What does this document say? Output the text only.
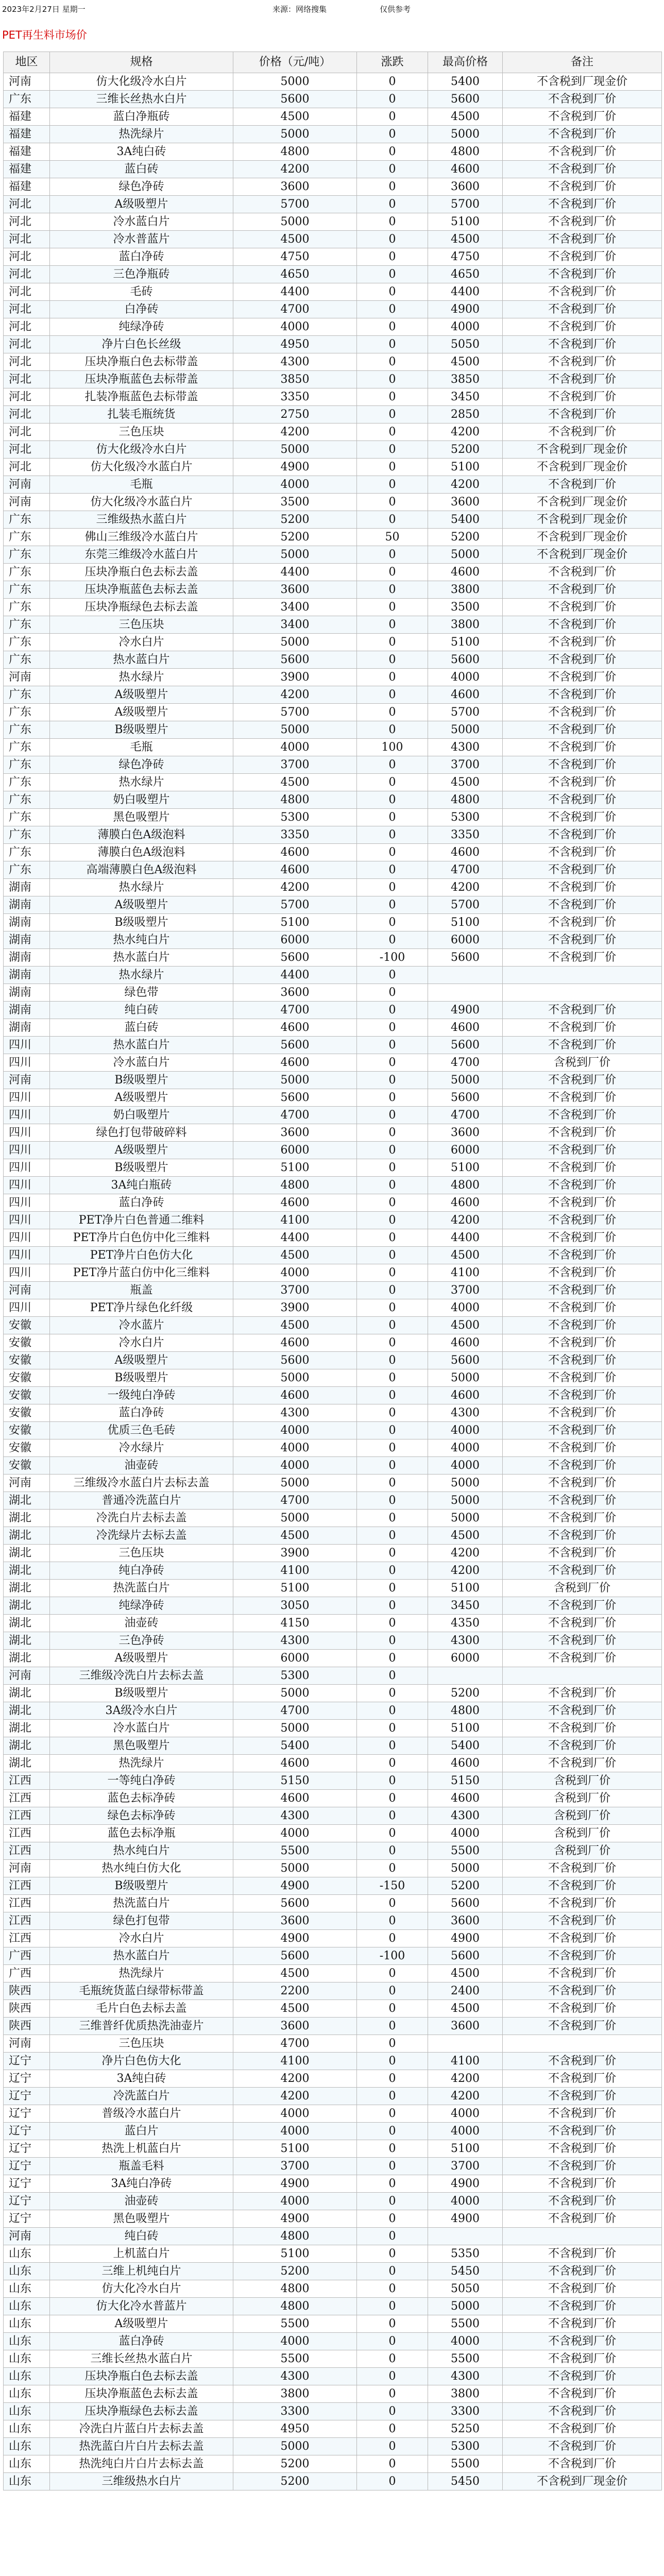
2023年2月27日 星期一	来源：网络搜集	仅供参考
PET再生料市场价
地区	规格	价格（元/吨）	涨跌	最高价格	备注
河南	仿大化级冷水白片	5000	0	5400	不含税到厂现金价
广东	三维长丝热水白片	5600	0	5600	不含税到厂价
福建	蓝白净瓶砖	4500	0	4500	不含税到厂价
福建	热洗绿片	5000	0	5000	不含税到厂价
福建	3A纯白砖	4800	0	4800	不含税到厂价
福建	蓝白砖	4200	0	4600	不含税到厂价
福建	绿色净砖	3600	0	3600	不含税到厂价
河北	A级吸塑片	5700	0	5700	不含税到厂价
河北	冷水蓝白片	5000	0	5100	不含税到厂价
河北	冷水普蓝片	4500	0	4500	不含税到厂价
河北	蓝白净砖	4750	0	4750	不含税到厂价
河北	三色净瓶砖	4650	0	4650	不含税到厂价
河北	毛砖	4400	0	4400	不含税到厂价
河北	白净砖	4700	0	4900	不含税到厂价
河北	纯绿净砖	4000	0	4000	不含税到厂价
河北	净片白色长丝级	4950	0	5050	不含税到厂价
河北	压块净瓶白色去标带盖	4300	0	4500	不含税到厂价
河北	压块净瓶蓝色去标带盖	3850	0	3850	不含税到厂价
河北	扎装净瓶蓝色去标带盖	3350	0	3450	不含税到厂价
河北	扎装毛瓶统货	2750	0	2850	不含税到厂价
河北	三色压块	4200	0	4200	不含税到厂价
河北	仿大化级冷水白片	5000	0	5200	不含税到厂现金价
河北	仿大化级冷水蓝白片	4900	0	5100	不含税到厂现金价
河南	毛瓶	4000	0	4200	不含税到厂价
河南	仿大化级冷水蓝白片	3500	0	3600	不含税到厂现金价
广东	三维级热水蓝白片	5200	0	5400	不含税到厂现金价
广东	佛山三维级冷水蓝白片	5200	50	5200	不含税到厂现金价
广东	东莞三维级冷水蓝白片	5000	0	5000	不含税到厂现金价
广东	压块净瓶白色去标去盖	4400	0	4600	不含税到厂价
广东	压块净瓶蓝色去标去盖	3600	0	3800	不含税到厂价
广东	压块净瓶绿色去标去盖	3400	0	3500	不含税到厂价
广东	三色压块	3400	0	3800	不含税到厂价
广东	冷水白片	5000	0	5100	不含税到厂价
广东	热水蓝白片	5600	0	5600	不含税到厂价
河南	热水绿片	3900	0	4000	不含税到厂价
广东	A级吸塑片	4200	0	4600	不含税到厂价
广东	A级吸塑片	5700	0	5700	不含税到厂价
广东	B级吸塑片	5000	0	5000	不含税到厂价
广东	毛瓶	4000	100	4300	不含税到厂价
广东	绿色净砖	3700	0	3700	不含税到厂价
广东	热水绿片	4500	0	4500	不含税到厂价
广东	奶白吸塑片	4800	0	4800	不含税到厂价
广东	黑色吸塑片	5300	0	5300	不含税到厂价
广东	薄膜白色A级泡料	3350	0	3350	不含税到厂价
广东	薄膜白色A级泡料	4600	0	4600	不含税到厂价
广东	高端薄膜白色A级泡料	4600	0	4700	不含税到厂价
湖南	热水绿片	4200	0	4200	不含税到厂价
湖南	A级吸塑片	5700	0	5700	不含税到厂价
湖南	B级吸塑片	5100	0	5100	不含税到厂价
湖南	热水纯白片	6000	0	6000	不含税到厂价
湖南	热水蓝白片	5600	-100	5600	不含税到厂价
湖南	热水绿片	4400	0		
湖南	绿色带	3600	0		
湖南	纯白砖	4700	0	4900	不含税到厂价
湖南	蓝白砖	4600	0	4600	不含税到厂价
四川	热水蓝白片	5600	0	5600	不含税到厂价
四川	冷水蓝白片	4600	0	4700	含税到厂价
河南	B级吸塑片	5000	0	5000	不含税到厂价
四川	A级吸塑片	5600	0	5600	不含税到厂价
四川	奶白吸塑片	4700	0	4700	不含税到厂价
四川	绿色打包带破碎料	3600	0	3600	不含税到厂价
四川	A级吸塑片	6000	0	6000	不含税到厂价
四川	B级吸塑片	5100	0	5100	不含税到厂价
四川	3A纯白瓶砖	4800	0	4800	不含税到厂价
四川	蓝白净砖	4600	0	4600	不含税到厂价
四川	PET净片白色普通二维料	4100	0	4200	不含税到厂价
四川	PET净片白色仿中化三维料	4400	0	4400	不含税到厂价
四川	PET净片白色仿大化	4500	0	4500	不含税到厂价
四川	PET净片蓝白仿中化三维料	4000	0	4100	不含税到厂价
河南	瓶盖	3700	0	3700	不含税到厂价
四川	PET净片绿色化纤级	3900	0	4000	不含税到厂价
安徽	冷水蓝片	4500	0	4500	不含税到厂价
安徽	冷水白片	4600	0	4600	不含税到厂价
安徽	A级吸塑片	5600	0	5600	不含税到厂价
安徽	B级吸塑片	5000	0	5000	不含税到厂价
安徽	一级纯白净砖	4600	0	4600	不含税到厂价
安徽	蓝白净砖	4300	0	4300	不含税到厂价
安徽	优质三色毛砖	4000	0	4000	不含税到厂价
安徽	冷水绿片	4000	0	4000	不含税到厂价
安徽	油壶砖	4000	0	4000	不含税到厂价
河南	三维级冷水蓝白片去标去盖	5000	0	5000	不含税到厂价
湖北	普通冷洗蓝白片	4700	0	5000	不含税到厂价
湖北	冷洗白片去标去盖	5000	0	5000	不含税到厂价
湖北	冷洗绿片去标去盖	4500	0	4500	不含税到厂价
湖北	三色压块	3900	0	4200	不含税到厂价
湖北	纯白净砖	4100	0	4200	不含税到厂价
湖北	热洗蓝白片	5100	0	5100	含税到厂价
湖北	纯绿净砖	3050	0	3450	不含税到厂价
湖北	油壶砖	4150	0	4350	不含税到厂价
湖北	三色净砖	4300	0	4300	不含税到厂价
湖北	A级吸塑片	6000	0	6000	不含税到厂价
河南	三维级冷洗白片去标去盖	5300	0		
湖北	B级吸塑片	5000	0	5200	不含税到厂价
湖北	3A级冷水白片	4700	0	4800	不含税到厂价
湖北	冷水蓝白片	5000	0	5100	不含税到厂价
湖北	黑色吸塑片	5400	0	5400	不含税到厂价
湖北	热洗绿片	4600	0	4600	不含税到厂价
江西	一等纯白净砖	5150	0	5150	含税到厂价
江西	蓝色去标净砖	4600	0	4600	含税到厂价
江西	绿色去标净砖	4300	0	4300	含税到厂价
江西	蓝色去标净瓶	4000	0	4000	含税到厂价
江西	热水纯白片	5500	0	5500	含税到厂价
河南	热水纯白仿大化	5000	0	5000	不含税到厂价
江西	B级吸塑片	4900	-150	5200	不含税到厂价
江西	热洗蓝白片	5600	0	5600	不含税到厂价
江西	绿色打包带	3600	0	3600	不含税到厂价
江西	冷水白片	4900	0	4900	不含税到厂价
广西	热水蓝白片	5600	-100	5600	不含税到厂价
广西	热洗绿片	4500	0	4500	不含税到厂价
陕西	毛瓶统货蓝白绿带标带盖	2200	0	2400	不含税到厂价
陕西	毛片白色去标去盖	4500	0	4500	不含税到厂价
陕西	三维普纤优质热洗油壶片	3600	0	3600	不含税到厂价
河南	三色压块	4700	0		
辽宁	净片白色仿大化	4100	0	4100	不含税到厂价
辽宁	3A纯白砖	4200	0	4200	不含税到厂价
辽宁	冷洗蓝白片	4200	0	4200	不含税到厂价
辽宁	普级冷水蓝白片	4000	0	4000	不含税到厂价
辽宁	蓝白片	4000	0	4000	不含税到厂价
辽宁	热洗上机蓝白片	5100	0	5100	不含税到厂价
辽宁	瓶盖毛料	3700	0	3700	不含税到厂价
辽宁	3A纯白净砖	4900	0	4900	不含税到厂价
辽宁	油壶砖	4000	0	4000	不含税到厂价
辽宁	黑色吸塑片	4900	0	4900	不含税到厂价
河南	纯白砖	4800	0		
山东	上机蓝白片	5100	0	5350	不含税到厂价
山东	三维上机纯白片	5200	0	5450	不含税到厂价
山东	仿大化冷水白片	4800	0	5050	不含税到厂价
山东	仿大化冷水普蓝片	4800	0	5000	不含税到厂价
山东	A级吸塑片	5500	0	5500	不含税到厂价
山东	蓝白净砖	4000	0	4000	不含税到厂价
山东	三维长丝热水蓝白片	5500	0	5500	不含税到厂价
山东	压块净瓶白色去标去盖	4300	0	4300	不含税到厂价
山东	压块净瓶蓝色去标去盖	3800	0	3800	不含税到厂价
山东	压块净瓶绿色去标去盖	3300	0	3300	不含税到厂价
山东	冷洗白片蓝白片去标去盖	4950	0	5250	不含税到厂价
山东	热洗蓝白片白片去标去盖	5000	0	5300	不含税到厂价
山东	热洗纯白片白片去标去盖	5200	0	5500	不含税到厂价
山东	三维级热水白片	5200	0	5450	不含税到厂现金价
